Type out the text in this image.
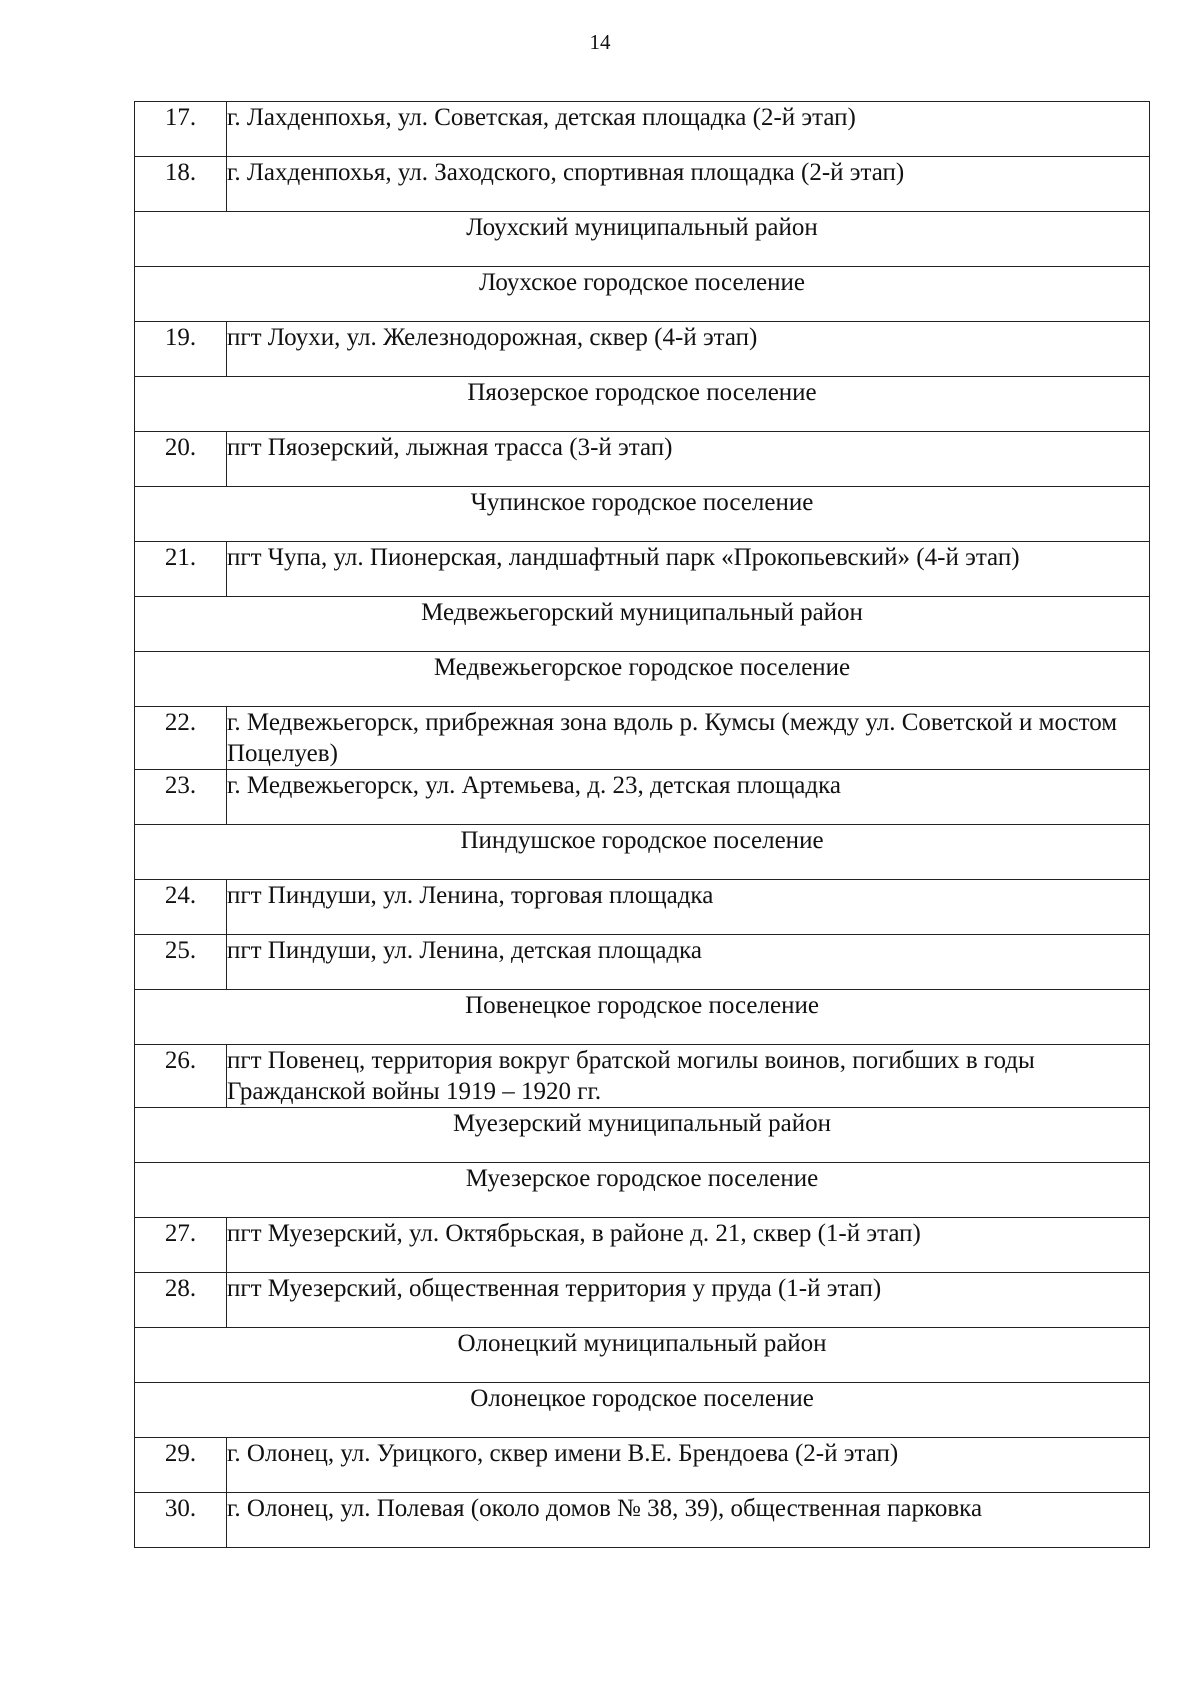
14
17.	г. Лахденпохья, ул. Советская, детская площадка (2-й этап)
18.	г. Лахденпохья, ул. Заходского, спортивная площадка (2-й этап)
Лоухский муниципальный район	
Лоухское городское поселение	
19.	пгт Лоухи, ул. Железнодорожная, сквер (4-й этап)
Пяозерское городское поселение	
20.	пгт Пяозерский, лыжная трасса (3-й этап)
Чупинское городское поселение	
21.	пгт Чупа, ул. Пионерская, ландшафтный парк «Прокопьевский» (4-й этап)
Медвежьегорский муниципальный район	
Медвежьегорское городское поселение	
22.	г. Медвежьегорск, прибрежная зона вдоль р. Кумсы (между ул. Советской и мостом Поцелуев)
23.	г. Медвежьегорск, ул. Артемьева, д. 23, детская площадка
Пиндушское городское поселение	
24.	пгт Пиндуши, ул. Ленина, торговая площадка
25.	пгт Пиндуши, ул. Ленина, детская площадка
Повенецкое городское поселение	
26.	пгт Повенец, территория вокруг братской могилы воинов, погибших в годы Гражданской войны 1919 – 1920 гг.
Муезерский муниципальный район	
Муезерское городское поселение	
27.	пгт Муезерский, ул. Октябрьская, в районе д. 21, сквер (1-й этап)
28.	пгт Муезерский, общественная территория у пруда (1-й этап)
Олонецкий муниципальный район	
Олонецкое городское поселение	
29.	г. Олонец, ул. Урицкого, сквер имени В.Е. Брендоева (2-й этап)
30.	г. Олонец, ул. Полевая (около домов № 38, 39), общественная парковка
